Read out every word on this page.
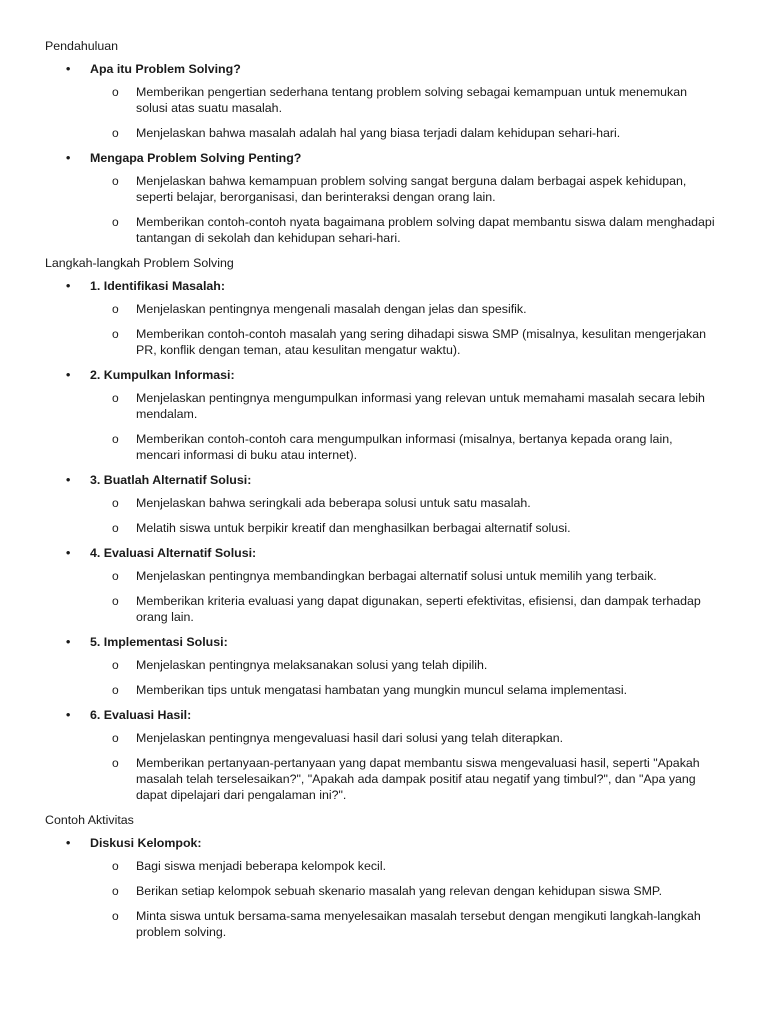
Pendahuluan
• Apa itu Problem Solving?
o Memberikan pengertian sederhana tentang problem solving sebagai kemampuan untuk menemukan solusi atas suatu masalah.
o Menjelaskan bahwa masalah adalah hal yang biasa terjadi dalam kehidupan sehari-hari.
• Mengapa Problem Solving Penting?
o Menjelaskan bahwa kemampuan problem solving sangat berguna dalam berbagai aspek kehidupan, seperti belajar, berorganisasi, dan berinteraksi dengan orang lain.
o Memberikan contoh-contoh nyata bagaimana problem solving dapat membantu siswa dalam menghadapi tantangan di sekolah dan kehidupan sehari-hari.
Langkah-langkah Problem Solving
• 1. Identifikasi Masalah:
o Menjelaskan pentingnya mengenali masalah dengan jelas dan spesifik.
o Memberikan contoh-contoh masalah yang sering dihadapi siswa SMP (misalnya, kesulitan mengerjakan PR, konflik dengan teman, atau kesulitan mengatur waktu).
• 2. Kumpulkan Informasi:
o Menjelaskan pentingnya mengumpulkan informasi yang relevan untuk memahami masalah secara lebih mendalam.
o Memberikan contoh-contoh cara mengumpulkan informasi (misalnya, bertanya kepada orang lain, mencari informasi di buku atau internet).
• 3. Buatlah Alternatif Solusi:
o Menjelaskan bahwa seringkali ada beberapa solusi untuk satu masalah.
o Melatih siswa untuk berpikir kreatif dan menghasilkan berbagai alternatif solusi.
• 4. Evaluasi Alternatif Solusi:
o Menjelaskan pentingnya membandingkan berbagai alternatif solusi untuk memilih yang terbaik.
o Memberikan kriteria evaluasi yang dapat digunakan, seperti efektivitas, efisiensi, dan dampak terhadap orang lain.
• 5. Implementasi Solusi:
o Menjelaskan pentingnya melaksanakan solusi yang telah dipilih.
o Memberikan tips untuk mengatasi hambatan yang mungkin muncul selama implementasi.
• 6. Evaluasi Hasil:
o Menjelaskan pentingnya mengevaluasi hasil dari solusi yang telah diterapkan.
o Memberikan pertanyaan-pertanyaan yang dapat membantu siswa mengevaluasi hasil, seperti "Apakah masalah telah terselesaikan?", "Apakah ada dampak positif atau negatif yang timbul?", dan "Apa yang dapat dipelajari dari pengalaman ini?".
Contoh Aktivitas
• Diskusi Kelompok:
o Bagi siswa menjadi beberapa kelompok kecil.
o Berikan setiap kelompok sebuah skenario masalah yang relevan dengan kehidupan siswa SMP.
o Minta siswa untuk bersama-sama menyelesaikan masalah tersebut dengan mengikuti langkah-langkah problem solving.
